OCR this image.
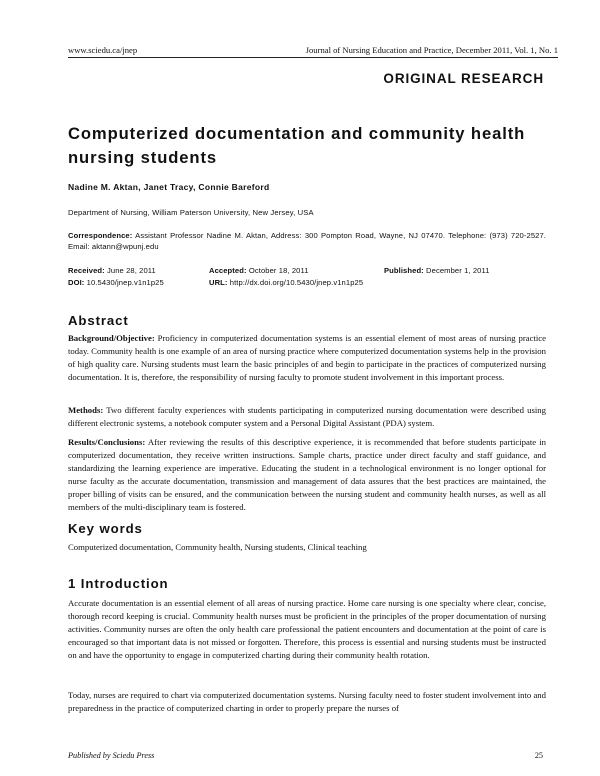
www.sciedu.ca/jnep	Journal of Nursing Education and Practice, December 2011, Vol. 1, No. 1
ORIGINAL RESEARCH
Computerized documentation and community health nursing students
Nadine M. Aktan, Janet Tracy, Connie Bareford
Department of Nursing, William Paterson University, New Jersey, USA
Correspondence: Assistant Professor Nadine M. Aktan, Address: 300 Pompton Road, Wayne, NJ 07470. Telephone: (973) 720-2527. Email: aktann@wpunj.edu
Received: June 28, 2011	Accepted: October 18, 2011	Published: December 1, 2011
DOI: 10.5430/jnep.v1n1p25	URL: http://dx.doi.org/10.5430/jnep.v1n1p25
Abstract
Background/Objective: Proficiency in computerized documentation systems is an essential element of most areas of nursing practice today. Community health is one example of an area of nursing practice where computerized documentation systems help in the provision of high quality care. Nursing students must learn the basic principles of and begin to participate in the practices of computerized nursing documentation. It is, therefore, the responsibility of nursing faculty to promote student involvement in this important process.
Methods: Two different faculty experiences with students participating in computerized nursing documentation were described using different electronic systems, a notebook computer system and a Personal Digital Assistant (PDA) system.
Results/Conclusions: After reviewing the results of this descriptive experience, it is recommended that before students participate in computerized documentation, they receive written instructions. Sample charts, practice under direct faculty and staff guidance, and standardizing the learning experience are imperative. Educating the student in a technological environment is no longer optional for nurse faculty as the accurate documentation, transmission and management of data assures that the best practices are maintained, the proper billing of visits can be ensured, and the communication between the nursing student and community health nurses, as well as all members of the multi-disciplinary team is fostered.
Key words
Computerized documentation, Community health, Nursing students, Clinical teaching
1 Introduction
Accurate documentation is an essential element of all areas of nursing practice. Home care nursing is one specialty where clear, concise, thorough record keeping is crucial. Community health nurses must be proficient in the principles of the proper documentation of nursing activities. Community nurses are often the only health care professional the patient encounters and documentation at the point of care is encouraged so that important data is not missed or forgotten. Therefore, this process is essential and nursing students must be instructed on and have the opportunity to engage in computerized charting during their community health rotation.
Today, nurses are required to chart via computerized documentation systems. Nursing faculty need to foster student involvement into and preparedness in the practice of computerized charting in order to properly prepare the nurses of
Published by Sciedu Press	25
